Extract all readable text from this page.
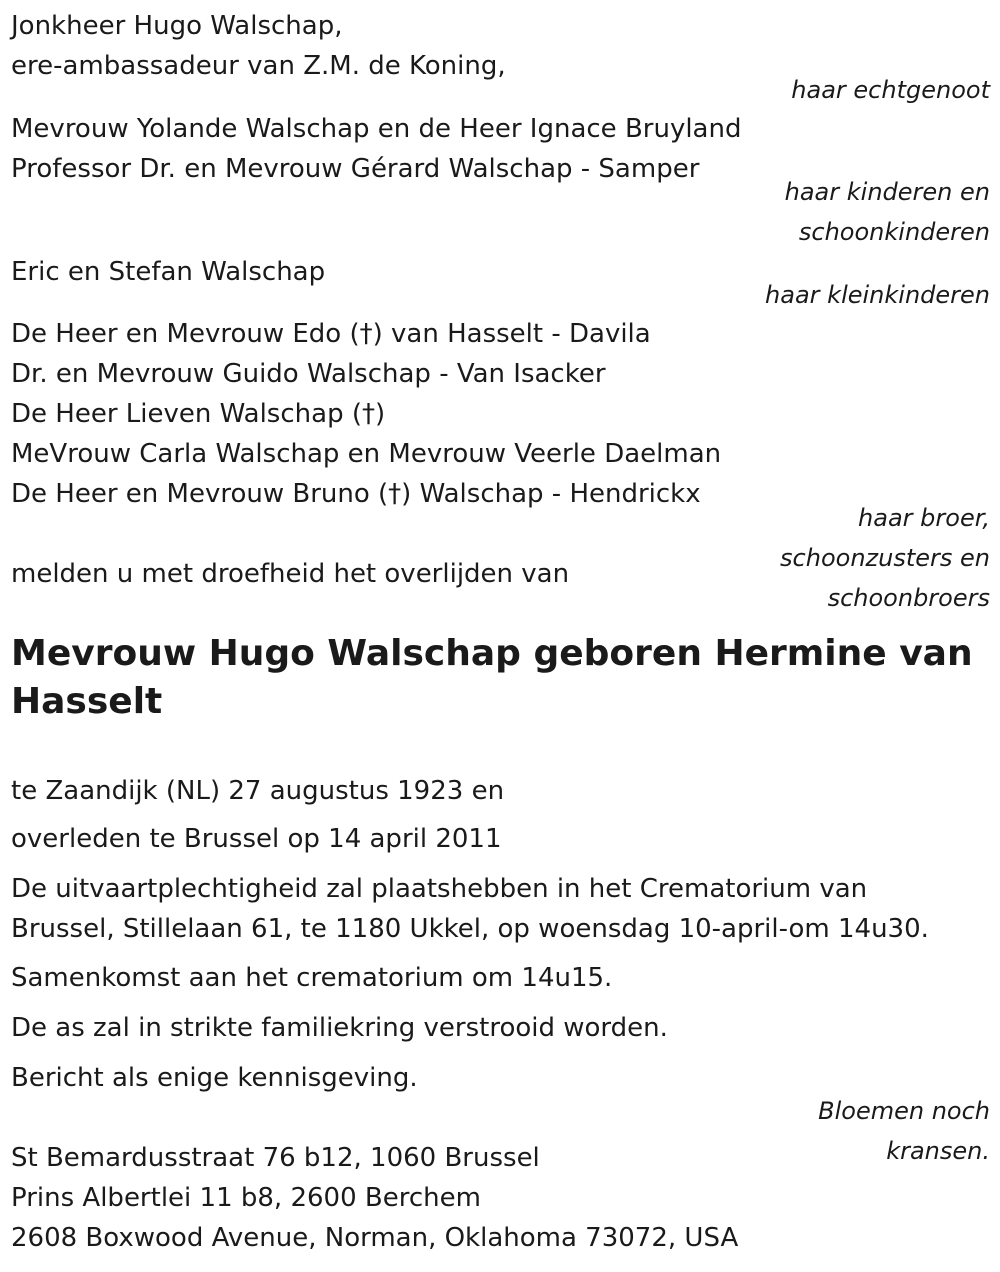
Jonkheer Hugo Walschap,

ere-ambassadeur van Z.M. de Koning,

haar echtgenoot

Mevrouw Yolande Walschap en de Heer Ignace Bruyland

Professor Dr. en Mevrouw Gérard Walschap - Samper

haar kinderen en

schoonkinderen

Eric en Stefan Walschap

haar kleinkinderen

De Heer en Mevrouw Edo (†) van Hasselt - Davila

Dr. en Mevrouw Guido Walschap - Van Isacker

De Heer Lieven Walschap (†)

MeVrouw Carla Walschap en Mevrouw Veerle Daelman

De Heer en Mevrouw Bruno (†) Walschap - Hendrickx

haar broer,

schoonzusters en

schoonbroers

melden u met droefheid het overlijden van

Mevrouw Hugo Walschap geboren Hermine van Hasselt

te Zaandijk (NL) 27 augustus 1923 en

overleden te Brussel op 14 april 2011

De uitvaartplechtigheid zal plaatshebben in het Crematorium van

Brussel, Stillelaan 61, te 1180 Ukkel, op woensdag 10-april-om 14u30.

Samenkomst aan het crematorium om 14u15.

De as zal in strikte familiekring verstrooid worden.

Bericht als enige kennisgeving.

Bloemen noch

kransen.

St Bemardusstraat 76 b12, 1060 Brussel

Prins Albertlei 11 b8, 2600 Berchem

2608 Boxwood Avenue, Norman, Oklahoma 73072, USA
